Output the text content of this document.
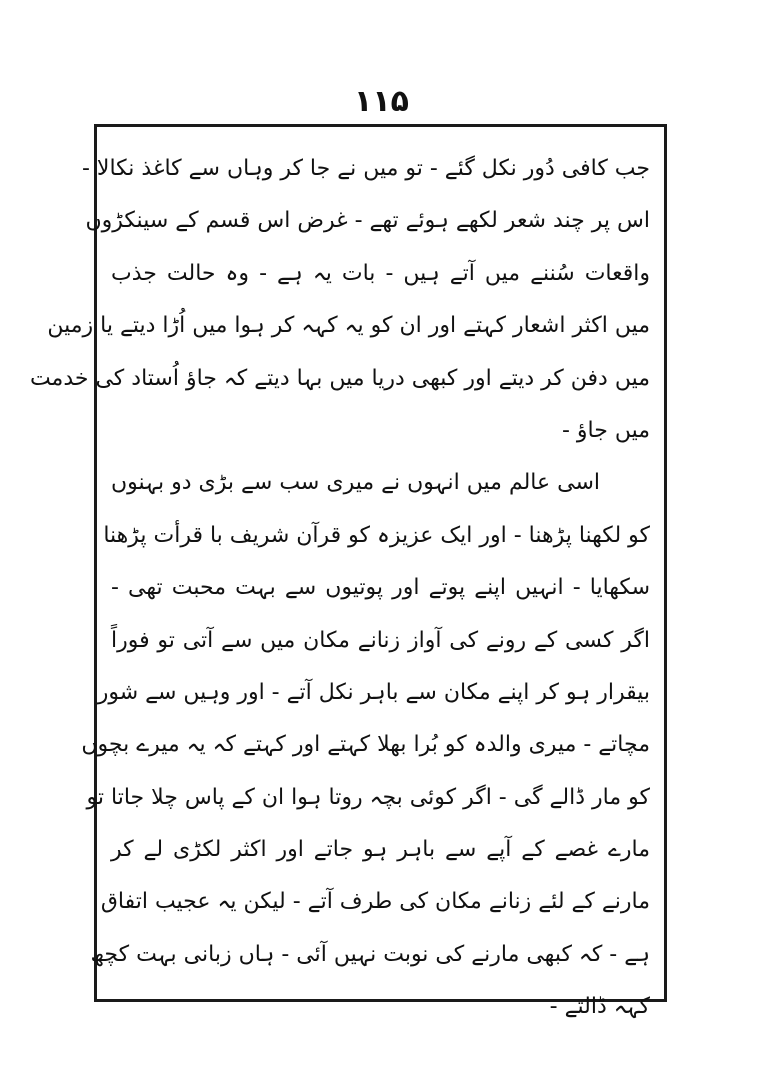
۱۱۵
جب کافی دُور نکل گئے - تو میں نے جا کر وہاں سے کاغذ نکالا -
اس پر چند شعر لکھے ہوئے تھے - غرض اس قسم کے سینکڑوں
واقعات سُننے میں آتے ہیں - بات یہ ہے - وہ حالت جذب
میں اکثر اشعار کہتے اور ان کو یہ کہہ کر ہوا میں اُڑا دیتے یا زمین
میں دفن کر دیتے اور کبھی دریا میں بہا دیتے کہ جاؤ اُستاد کی خدمت
میں جاؤ -
اسی عالم میں انہوں نے میری سب سے بڑی دو بہنوں
کو لکھنا پڑھنا - اور ایک عزیزہ کو قرآن شریف با قرأت پڑھنا
سکھایا - انہیں اپنے پوتے اور پوتیوں سے بہت محبت تھی -
اگر کسی کے رونے کی آواز زنانے مکان میں سے آتی تو فوراً
بیقرار ہو کر اپنے مکان سے باہر نکل آتے - اور وہیں سے شور
مچاتے - میری والدہ کو بُرا بھلا کہتے اور کہتے کہ یہ میرے بچوں
کو مار ڈالے گی - اگر کوئی بچہ روتا ہوا ان کے پاس چلا جاتا تو
مارے غصے کے آپے سے باہر ہو جاتے اور اکثر لکڑی لے کر
مارنے کے لئے زنانے مکان کی طرف آتے - لیکن یہ عجیب اتفاق
ہے - کہ کبھی مارنے کی نوبت نہیں آئی - ہاں زبانی بہت کچھ
کہہ ڈالتے -
